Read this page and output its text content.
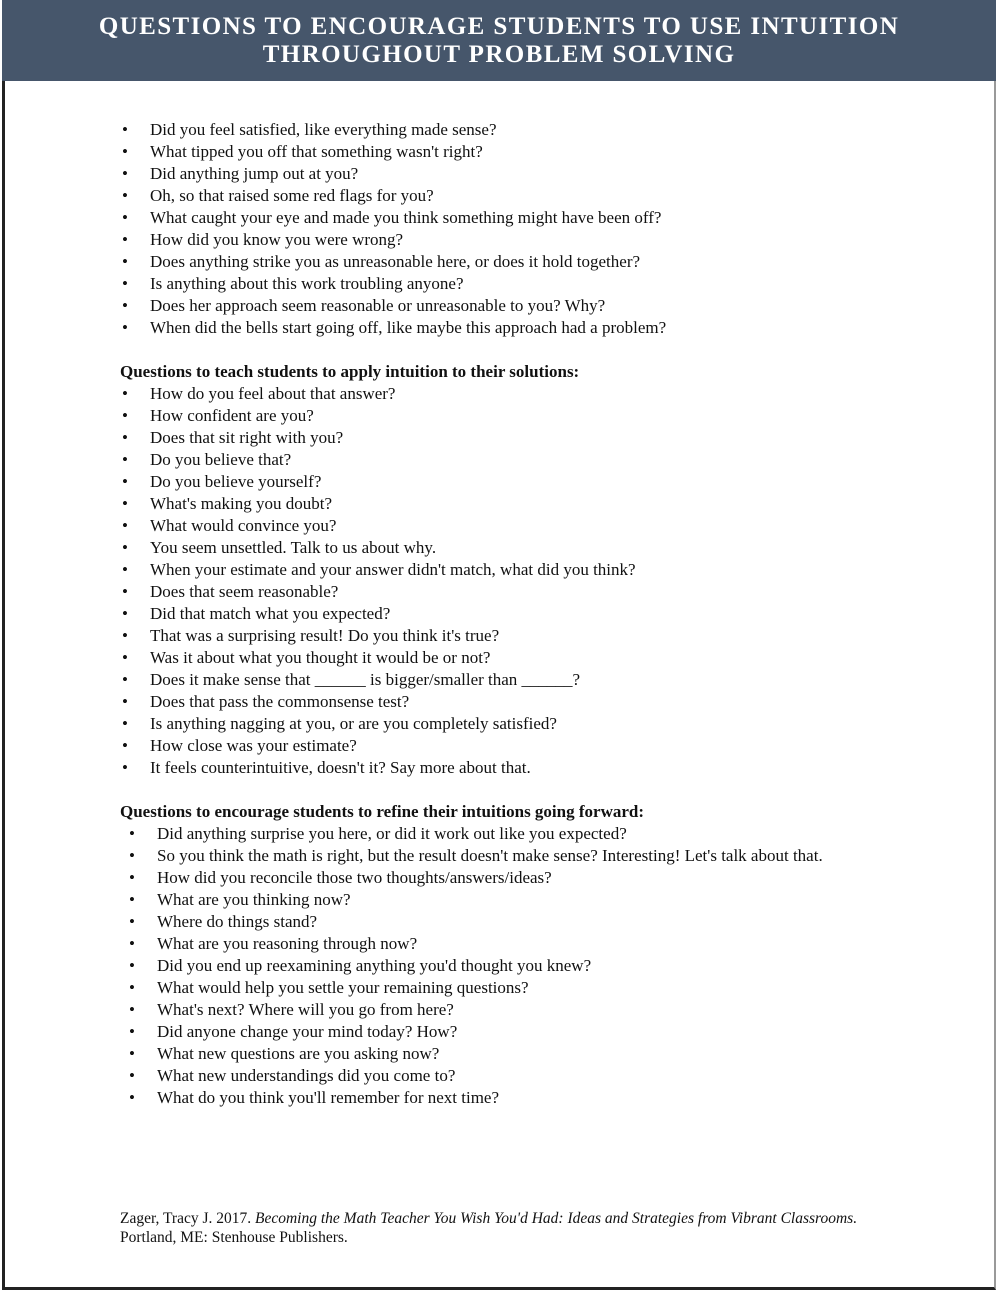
QUESTIONS TO ENCOURAGE STUDENTS TO USE INTUITION
THROUGHOUT PROBLEM SOLVING
• Did you feel satisfied, like everything made sense?
• What tipped you off that something wasn't right?
• Did anything jump out at you?
• Oh, so that raised some red flags for you?
• What caught your eye and made you think something might have been off?
• How did you know you were wrong?
• Does anything strike you as unreasonable here, or does it hold together?
• Is anything about this work troubling anyone?
• Does her approach seem reasonable or unreasonable to you? Why?
• When did the bells start going off, like maybe this approach had a problem?
Questions to teach students to apply intuition to their solutions:
• How do you feel about that answer?
• How confident are you?
• Does that sit right with you?
• Do you believe that?
• Do you believe yourself?
• What's making you doubt?
• What would convince you?
• You seem unsettled. Talk to us about why.
• When your estimate and your answer didn't match, what did you think?
• Does that seem reasonable?
• Did that match what you expected?
• That was a surprising result! Do you think it's true?
• Was it about what you thought it would be or not?
• Does it make sense that ______ is bigger/smaller than ______?
• Does that pass the commonsense test?
• Is anything nagging at you, or are you completely satisfied?
• How close was your estimate?
• It feels counterintuitive, doesn't it? Say more about that.
Questions to encourage students to refine their intuitions going forward:
• Did anything surprise you here, or did it work out like you expected?
• So you think the math is right, but the result doesn't make sense? Interesting! Let's talk about that.
• How did you reconcile those two thoughts/answers/ideas?
• What are you thinking now?
• Where do things stand?
• What are you reasoning through now?
• Did you end up reexamining anything you'd thought you knew?
• What would help you settle your remaining questions?
• What's next? Where will you go from here?
• Did anyone change your mind today? How?
• What new questions are you asking now?
• What new understandings did you come to?
• What do you think you'll remember for next time?
Zager, Tracy J. 2017. Becoming the Math Teacher You Wish You'd Had: Ideas and Strategies from Vibrant Classrooms. Portland, ME: Stenhouse Publishers.
